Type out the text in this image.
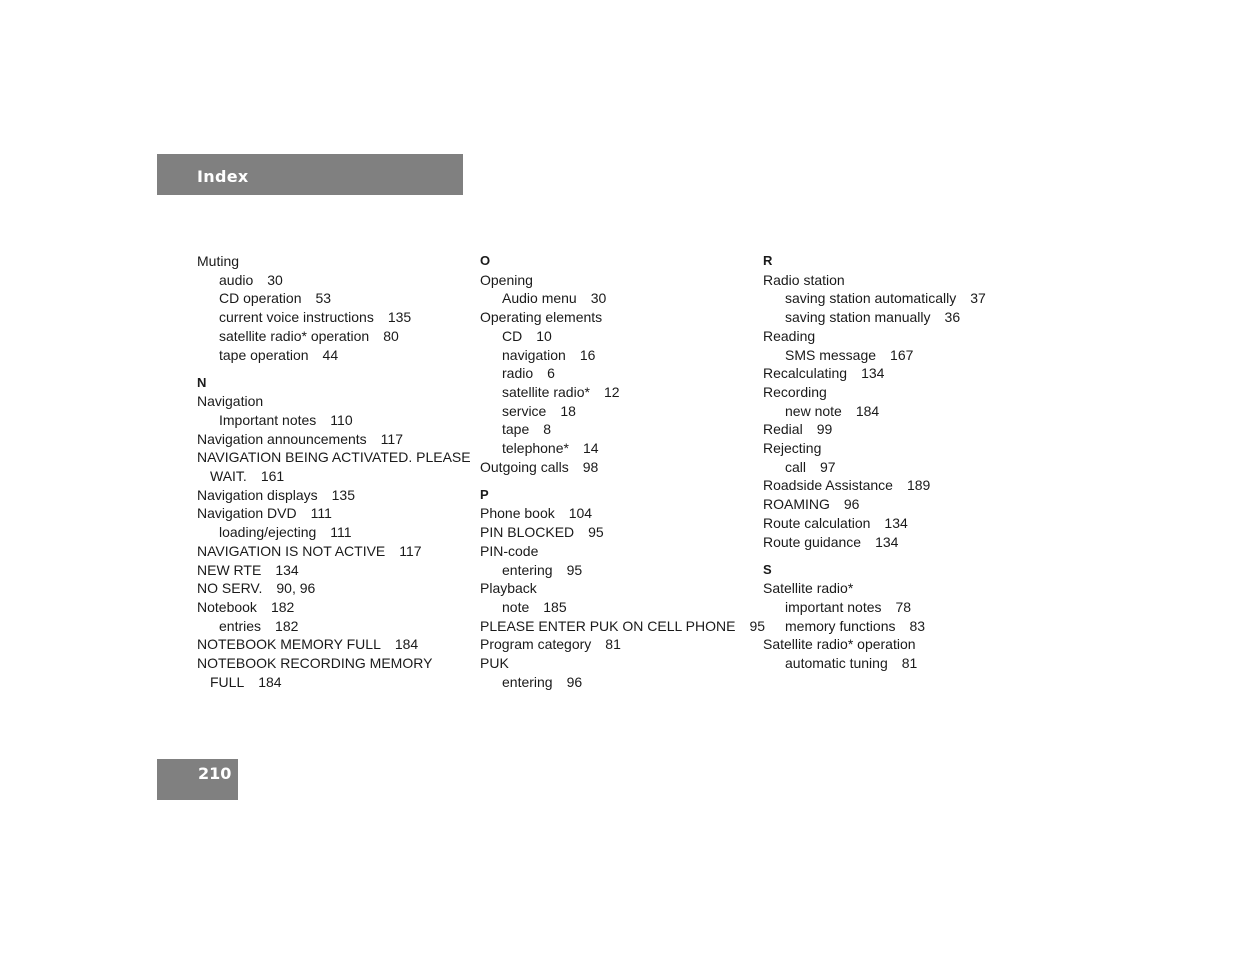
Index
Muting
audio 30
CD operation 53
current voice instructions 135
satellite radio* operation 80
tape operation 44
N
Navigation
Important notes 110
Navigation announcements 117
NAVIGATION BEING ACTIVATED. PLEASE
WAIT. 161
Navigation displays 135
Navigation DVD 111
loading/ejecting 111
NAVIGATION IS NOT ACTIVE 117
NEW RTE 134
NO SERV. 90, 96
Notebook 182
entries 182
NOTEBOOK MEMORY FULL 184
NOTEBOOK RECORDING MEMORY
FULL 184
O
Opening
Audio menu 30
Operating elements
CD 10
navigation 16
radio 6
satellite radio* 12
service 18
tape 8
telephone* 14
Outgoing calls 98
P
Phone book 104
PIN BLOCKED 95
PIN-code
entering 95
Playback
note 185
PLEASE ENTER PUK ON CELL PHONE 95
Program category 81
PUK
entering 96
R
Radio station
saving station automatically 37
saving station manually 36
Reading
SMS message 167
Recalculating 134
Recording
new note 184
Redial 99
Rejecting
call 97
Roadside Assistance 189
ROAMING 96
Route calculation 134
Route guidance 134
S
Satellite radio*
important notes 78
memory functions 83
Satellite radio* operation
automatic tuning 81
210
